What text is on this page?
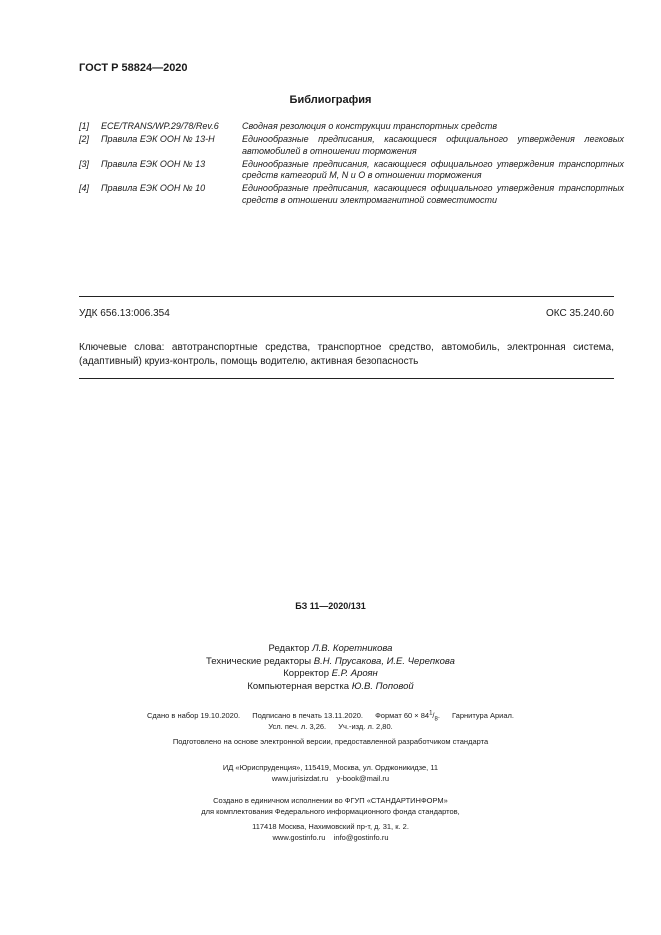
ГОСТ Р 58824—2020
Библиография
[1]	ECE/TRANS/WP.29/78/Rev.6	Сводная резолюция о конструкции транспортных средств
[2]	Правила ЕЭК ООН № 13-Н	Единообразные предписания, касающиеся официального утверждения легковых автомобилей в отношении торможения
[3]	Правила ЕЭК ООН № 13	Единообразные предписания, касающиеся официального утверждения транспортных средств категорий M, N и O в отношении торможения
[4]	Правила ЕЭК ООН № 10	Единообразные предписания, касающиеся официального утверждения транспортных средств в отношении электромагнитной совместимости
УДК 656.13:006.354	ОКС 35.240.60
Ключевые слова: автотранспортные средства, транспортное средство, автомобиль, электронная система, (адаптивный) круиз-контроль, помощь водителю, активная безопасность
БЗ 11—2020/131
Редактор Л.В. Коретникова
Технические редакторы В.Н. Прусакова, И.Е. Черепкова
Корректор Е.Р. Ароян
Компьютерная верстка Ю.В. Поповой
Сдано в набор 19.10.2020. Подписано в печать 13.11.2020. Формат $60 \times 84^1/_8$. Гарнитура Ариал.
Усл. печ. л. 3,26. Уч.-изд. л. 2,80.
Подготовлено на основе электронной версии, предоставленной разработчиком стандарта
ИД «Юриспруденция», 115419, Москва, ул. Орджоникидзе, 11
www.jurisizdat.ru    y-book@mail.ru
Создано в единичном исполнении во ФГУП «СТАНДАРТИНФОРМ»
для комплектования Федерального информационного фонда стандартов,
117418 Москва, Нахимовский пр-т, д. 31, к. 2.
www.gostinfo.ru    info@gostinfo.ru
